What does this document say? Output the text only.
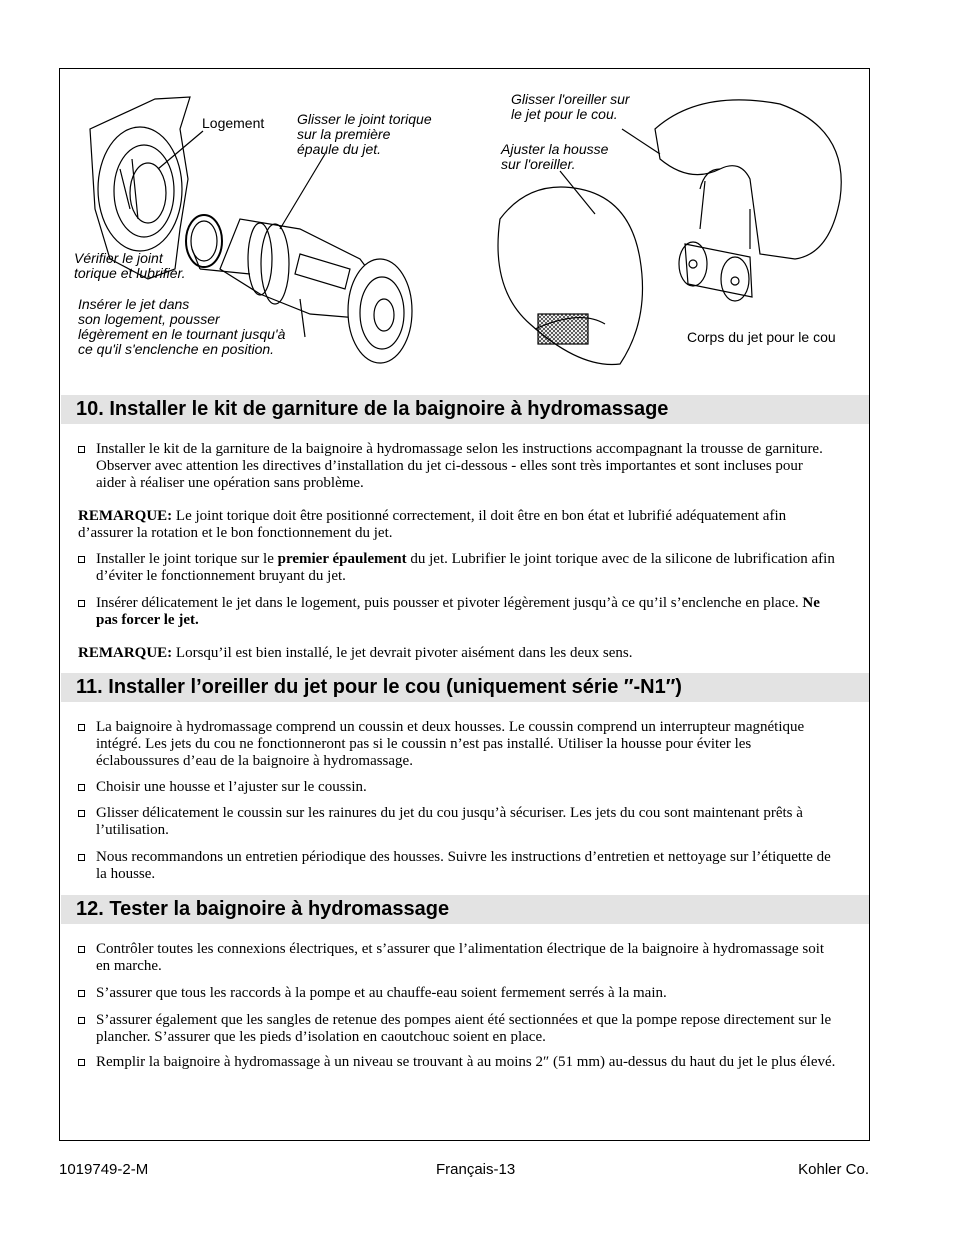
Logement Glisser le joint torique
sur la première
épaule du jet.
Vérifier le joint
torique et lubrifier.
Insérer le jet dans
son logement, pousser
légèrement en le tournant jusqu'à
ce qu'il s'enclenche en position.
Glisser l'oreiller sur
le jet pour le cou.
Ajuster la housse
sur l'oreiller.
Corps du jet pour le cou
10. Installer le kit de garniture de la baignoire à hydromassage
Installer le kit de la garniture de la baignoire à hydromassage selon les instructions accompagnant la trousse de garniture. Observer avec attention les directives d’installation du jet ci-dessous - elles sont très importantes et sont incluses pour aider à réaliser une opération sans problème.
REMARQUE: Le joint torique doit être positionné correctement, il doit être en bon état et lubrifié adéquatement afin d’assurer la rotation et le bon fonctionnement du jet.
Installer le joint torique sur le premier épaulement du jet. Lubrifier le joint torique avec de la silicone de lubrification afin d’éviter le fonctionnement bruyant du jet.
Insérer délicatement le jet dans le logement, puis pousser et pivoter légèrement jusqu’à ce qu’il s’enclenche en place. Ne pas forcer le jet.
REMARQUE: Lorsqu’il est bien installé, le jet devrait pivoter aisément dans les deux sens.
11. Installer l’oreiller du jet pour le cou (uniquement série ″-N1″)
La baignoire à hydromassage comprend un coussin et deux housses. Le coussin comprend un interrupteur magnétique intégré. Les jets du cou ne fonctionneront pas si le coussin n’est pas installé. Utiliser la housse pour éviter les éclaboussures d’eau de la baignoire à hydromassage.
Choisir une housse et l’ajuster sur le coussin.
Glisser délicatement le coussin sur les rainures du jet du cou jusqu’à sécuriser. Les jets du cou sont maintenant prêts à l’utilisation.
Nous recommandons un entretien périodique des housses. Suivre les instructions d’entretien et nettoyage sur l’étiquette de la housse.
12. Tester la baignoire à hydromassage
Contrôler toutes les connexions électriques, et s’assurer que l’alimentation électrique de la baignoire à hydromassage soit en marche.
S’assurer que tous les raccords à la pompe et au chauffe-eau soient fermement serrés à la main.
S’assurer également que les sangles de retenue des pompes aient été sectionnées et que la pompe repose directement sur le plancher. S’assurer que les pieds d’isolation en caoutchouc soient en place.
Remplir la baignoire à hydromassage à un niveau se trouvant à au moins 2″ (51 mm) au-dessus du haut du jet le plus élevé.
1019749-2-M	Français-13	Kohler Co.
